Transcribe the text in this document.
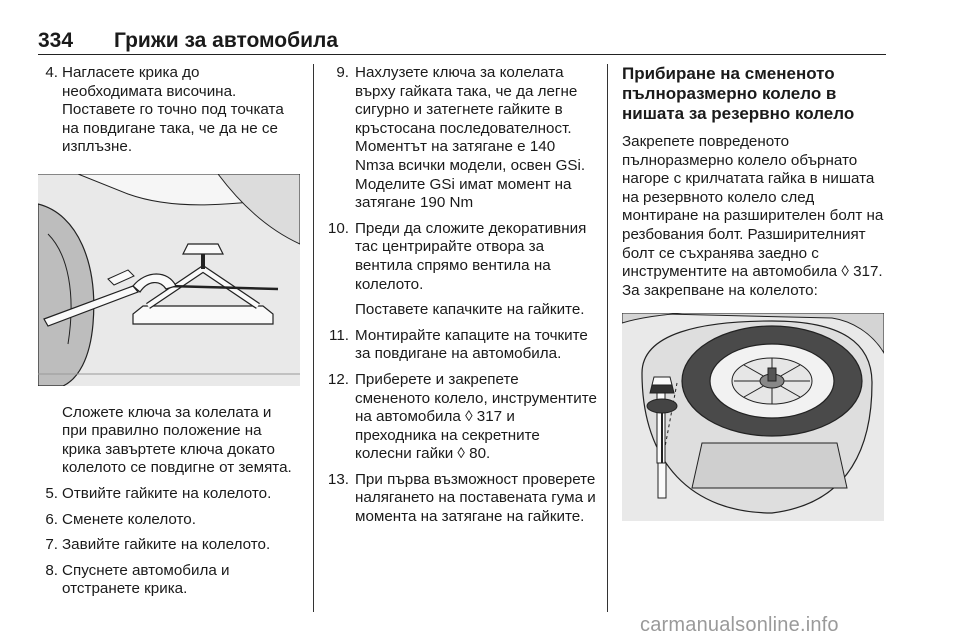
334 Грижи за автомобила
4. Нагласете крика до необходимата височина. Поставете го точно под точката на повдигане така, че да не се изплъзне.
Сложете ключа за колелата и при правилно положение на крика завъртете ключа докато колелото се повдигне от земята.
5. Отвийте гайките на колелото.
6. Сменете колелото.
7. Завийте гайките на колелото.
8. Спуснете автомобила и отстранете крика.
9. Нахлузете ключа за колелата върху гайката така, че да легне сигурно и затегнете гайките в кръстосана последователност. Моментът на затягане е 140 Nmза всички модели, освен GSi. Моделите GSi имат момент на затягане 190 Nm
10. Преди да сложите декоративния тас центрирайте отвора за вентила спрямо вентила на колелото.
Поставете капачките на гайките.
11. Монтирайте капаците на точките за повдигане на автомобила.
12. Приберете и закрепете смененото колело, инструментите на автомобила ◊ 317 и преходника на секретните колесни гайки ◊ 80.
13. При първа възможност проверете налягането на поставената гума и момента на затягане на гайките.
Прибиране на смененото пълноразмерно колело в нишата за резервно колело
Закрепете повреденото пълноразмерно колело обърнато нагоре с крилчатата гайка в нишата на резервното колело след монтиране на разширителен болт на резбования болт. Разширителният болт се съхранява заедно с инструментите на автомобила ◊ 317. За закрепване на колелото:
carmanualsonline.info
